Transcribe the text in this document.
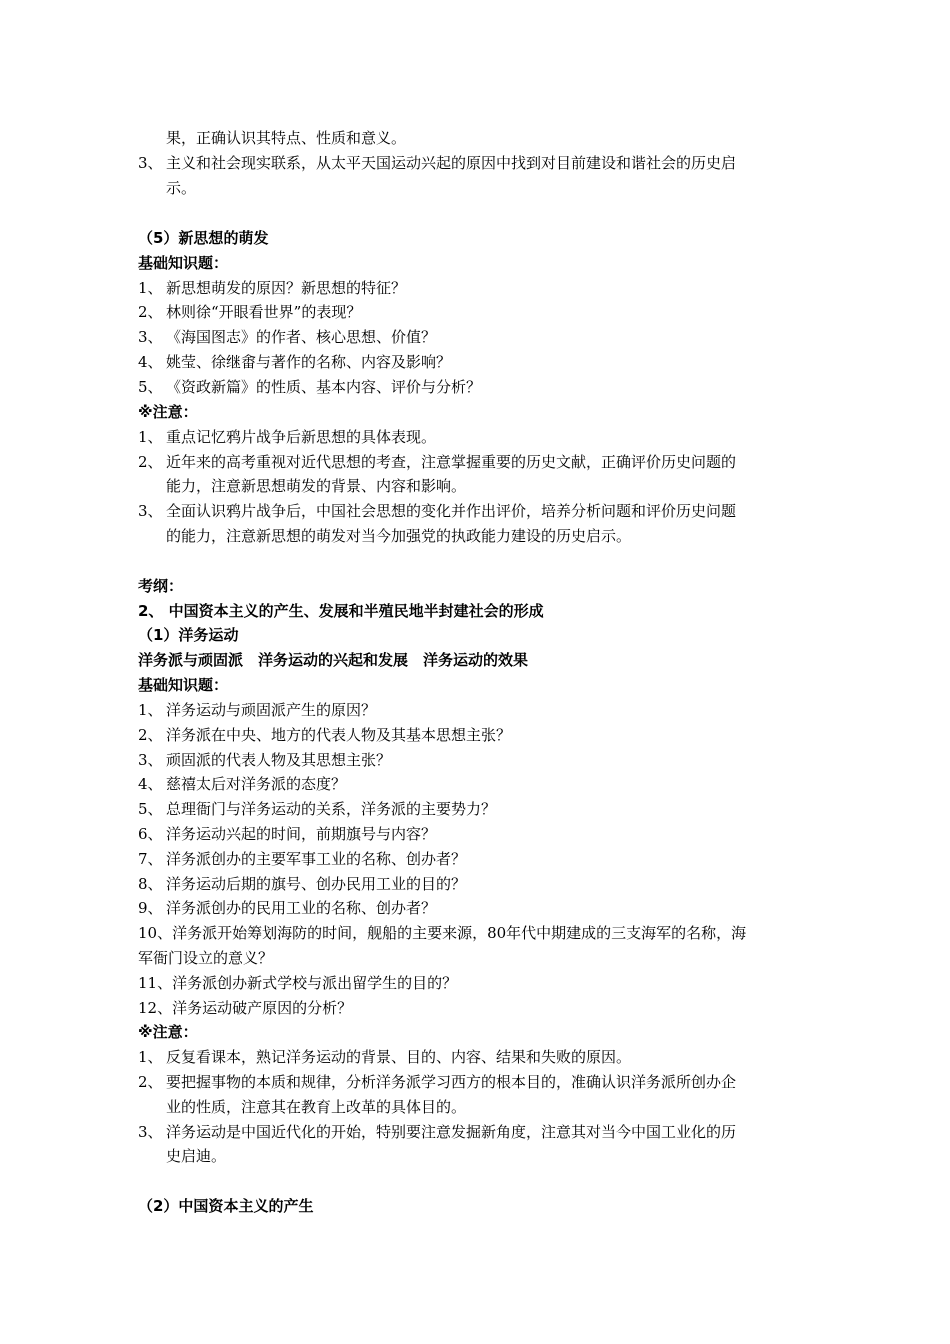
果，正确认识其特点、性质和意义。
3、 主义和社会现实联系，从太平天国运动兴起的原因中找到对目前建设和谐社会的历史启
示。
（5）新思想的萌发
基础知识题：
1、 新思想萌发的原因？新思想的特征？
2、 林则徐“开眼看世界”的表现？
3、 《海国图志》的作者、核心思想、价值？
4、 姚莹、徐继畬与著作的名称、内容及影响？
5、 《资政新篇》的性质、基本内容、评价与分析？
※注意：
1、 重点记忆鸦片战争后新思想的具体表现。
2、 近年来的高考重视对近代思想的考查，注意掌握重要的历史文献，正确评价历史问题的
能力，注意新思想萌发的背景、内容和影响。
3、 全面认识鸦片战争后，中国社会思想的变化并作出评价，培养分析问题和评价历史问题
的能力，注意新思想的萌发对当今加强党的执政能力建设的历史启示。
考纲：
2、 中国资本主义的产生、发展和半殖民地半封建社会的形成
（1）洋务运动
洋务派与顽固派　洋务运动的兴起和发展　洋务运动的效果
基础知识题：
1、 洋务运动与顽固派产生的原因？
2、 洋务派在中央、地方的代表人物及其基本思想主张？
3、 顽固派的代表人物及其思想主张？
4、 慈禧太后对洋务派的态度？
5、 总理衙门与洋务运动的关系，洋务派的主要势力？
6、 洋务运动兴起的时间，前期旗号与内容？
7、 洋务派创办的主要军事工业的名称、创办者？
8、 洋务运动后期的旗号、创办民用工业的目的？
9、 洋务派创办的民用工业的名称、创办者？
10、洋务派开始筹划海防的时间，舰船的主要来源，80年代中期建成的三支海军的名称，海
军衙门设立的意义？
11、洋务派创办新式学校与派出留学生的目的？
12、洋务运动破产原因的分析？
※注意：
1、 反复看课本，熟记洋务运动的背景、目的、内容、结果和失败的原因。
2、 要把握事物的本质和规律，分析洋务派学习西方的根本目的，准确认识洋务派所创办企
业的性质，注意其在教育上改革的具体目的。
3、 洋务运动是中国近代化的开始，特别要注意发掘新角度，注意其对当今中国工业化的历
史启迪。
（2）中国资本主义的产生
